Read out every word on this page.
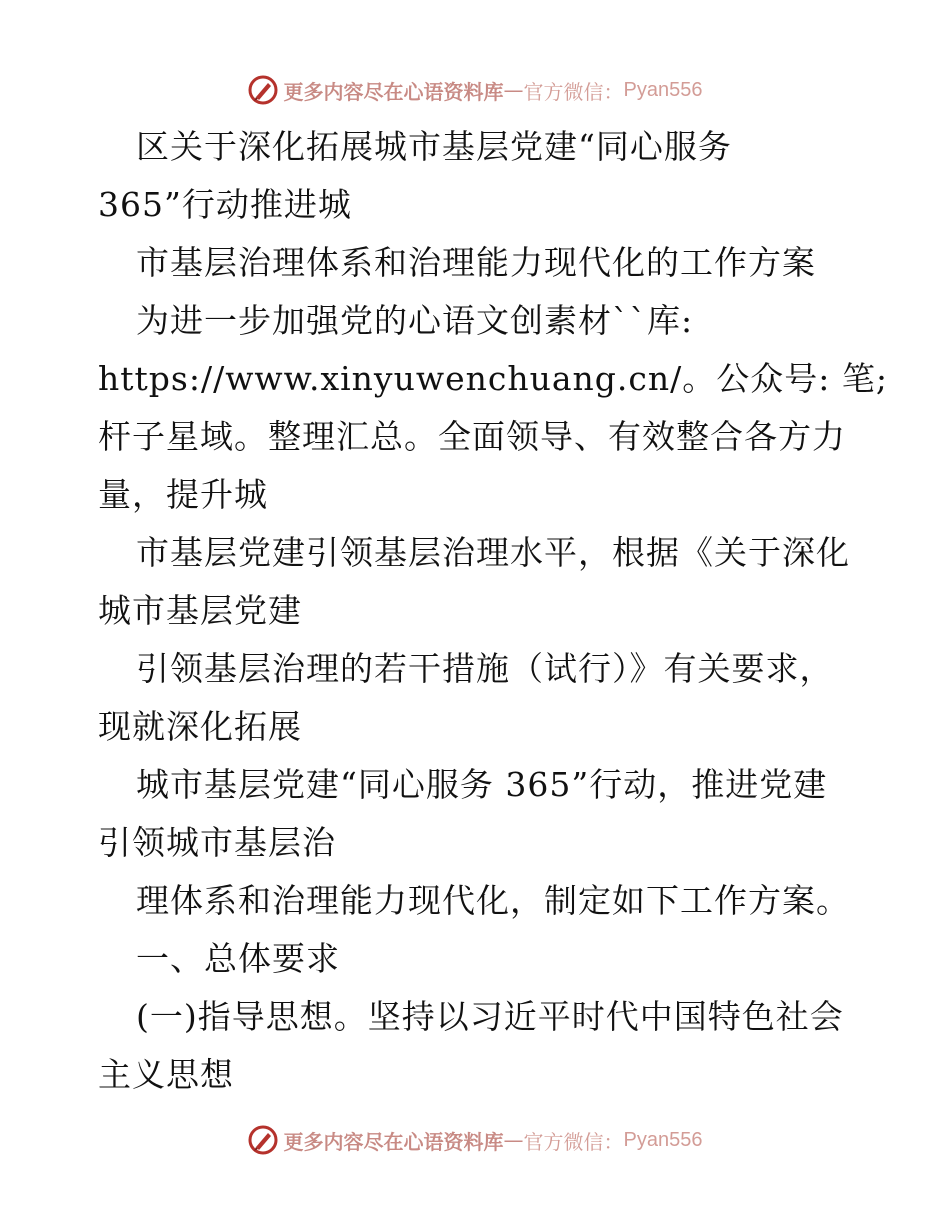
更多内容尽在心语资料库 — 官方微信： Pyan556
区关于深化拓展城市基层党建“同心服务
365”行动推进城
市基层治理体系和治理能力现代化的工作方案
为进一步加强党的心语文创素材``库:
https://www.xinyuwenchuang.cn/。公众号: 笔;
杆子星域。整理汇总。全面领导、有效整合各方力
量，提升城
市基层党建引领基层治理水平，根据《关于深化
城市基层党建
引领基层治理的若干措施（试行）》有关要求，
现就深化拓展
城市基层党建“同心服务 365”行动，推进党建
引领城市基层治
理体系和治理能力现代化，制定如下工作方案。
一、总体要求
(一)指导思想。坚持以习近平时代中国特色社会
主义思想
更多内容尽在心语资料库 — 官方微信： Pyan556
